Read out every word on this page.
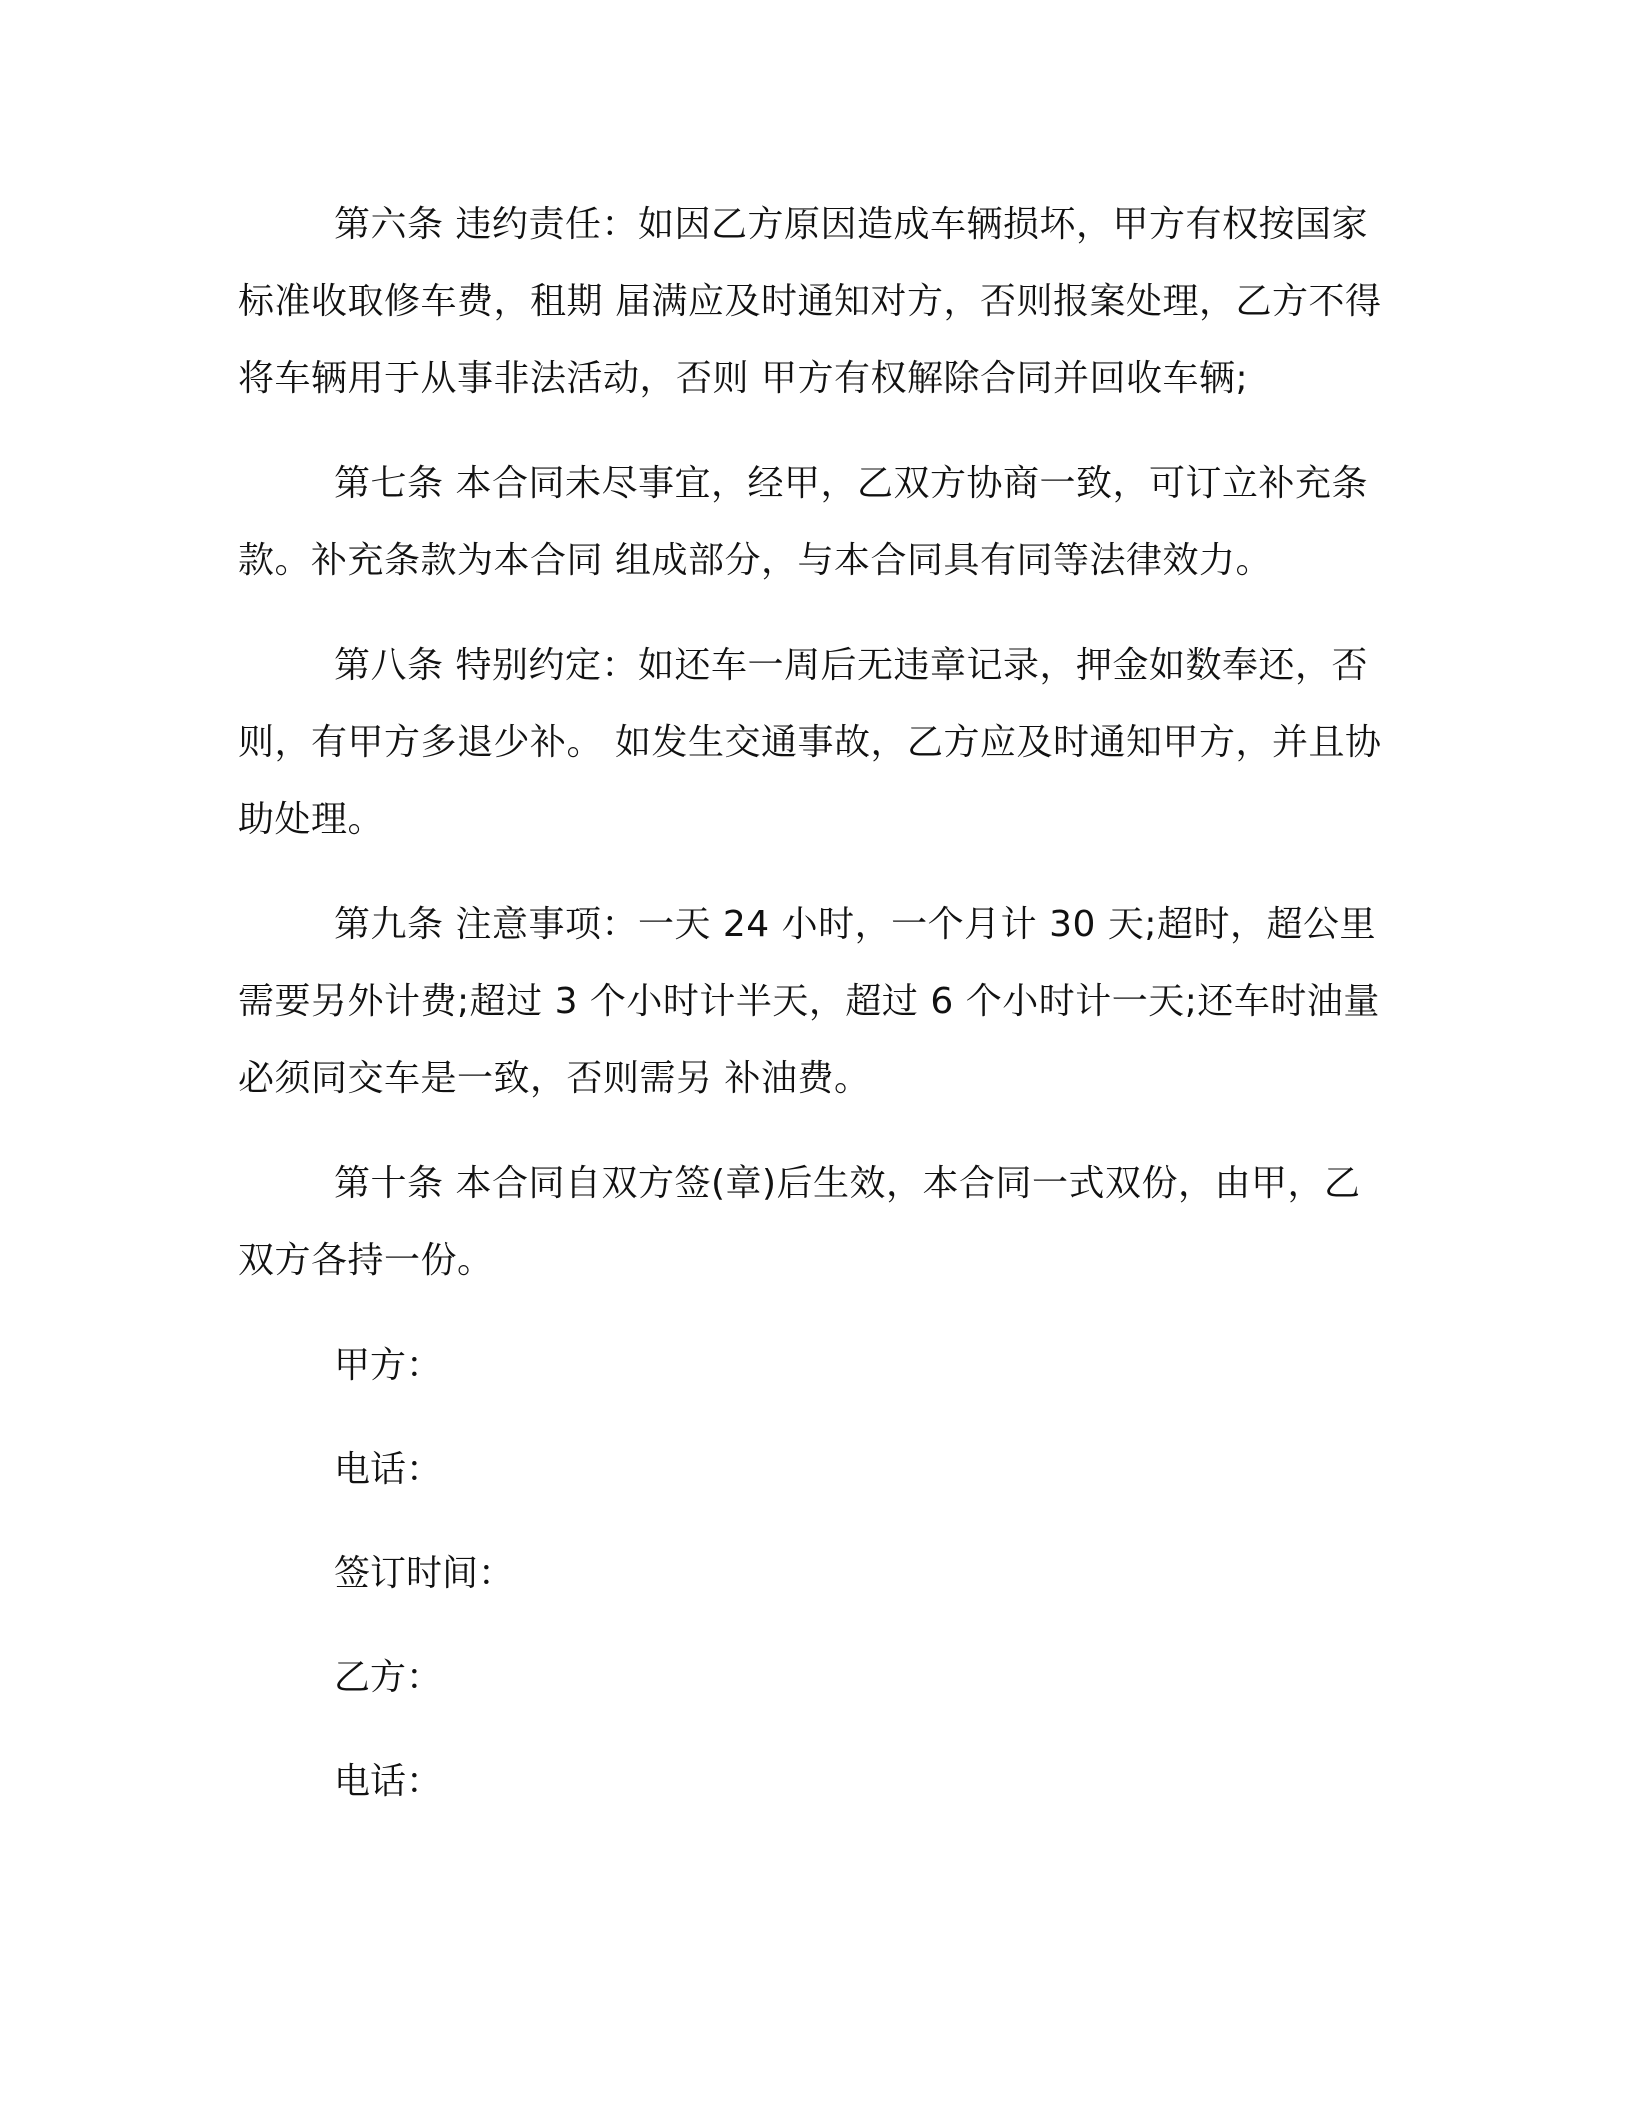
第六条 违约责任：如因乙方原因造成车辆损坏，甲方有权按国家标准收取修车费，租期 届满应及时通知对方，否则报案处理，乙方不得将车辆用于从事非法活动，否则 甲方有权解除合同并回收车辆;

第七条 本合同未尽事宜，经甲，乙双方协商一致，可订立补充条款。补充条款为本合同 组成部分，与本合同具有同等法律效力。

第八条 特别约定：如还车一周后无违章记录，押金如数奉还，否则，有甲方多退少补。 如发生交通事故，乙方应及时通知甲方，并且协助处理。

第九条 注意事项：一天 24 小时，一个月计 30 天;超时，超公里需要另外计费;超过 3 个小时计半天，超过 6 个小时计一天;还车时油量必须同交车是一致，否则需另 补油费。

第十条 本合同自双方签(章)后生效，本合同一式双份，由甲，乙双方各持一份。

甲方：

电话：

签订时间：

乙方：

电话：
